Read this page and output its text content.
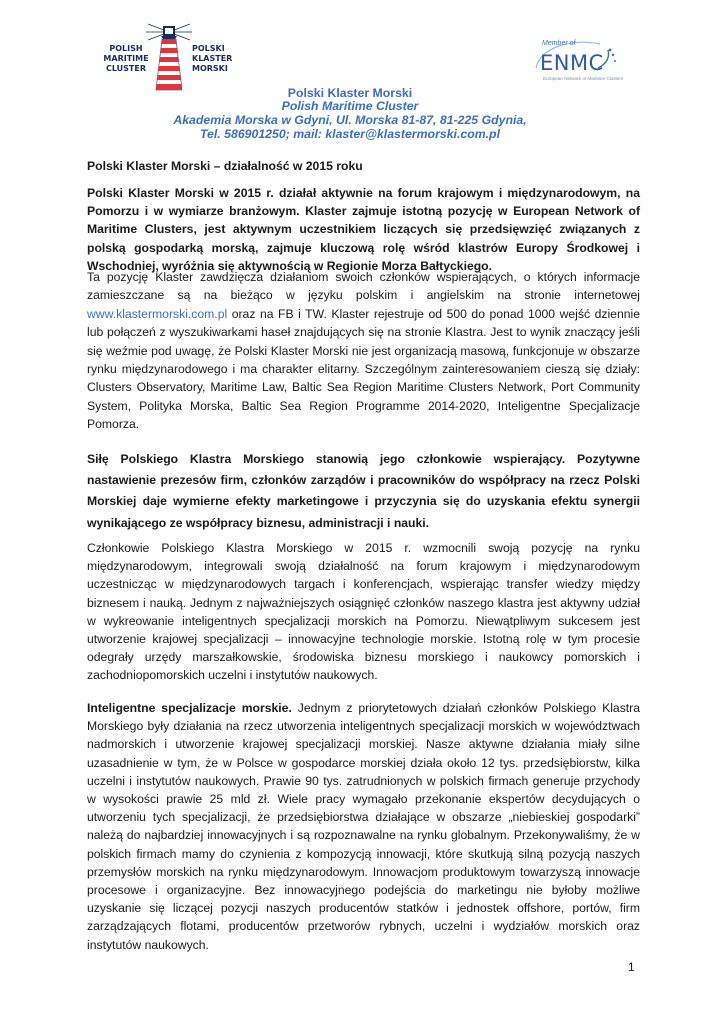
POLISH
MARITIME
CLUSTER
POLSKI
KLASTER
MORSKI
Member of
ENMC
European Network of Maritime Clusters
Polski Klaster Morski
Polish Maritime Cluster
Akademia Morska w Gdyni, Ul. Morska 81-87, 81-225 Gdynia,
Tel. 586901250; mail: klaster@klastermorski.com.pl
Polski Klaster Morski – działalność w 2015 roku

Polski Klaster Morski w 2015 r. działał aktywnie na forum krajowym i międzynarodowym, na Pomorzu i w wymiarze branżowym. Klaster zajmuje istotną pozycję w European Network of Maritime Clusters, jest aktywnym uczestnikiem liczących się przedsięwzięć związanych z polską gospodarką morską, zajmuje kluczową rolę wśród klastrów Europy Środkowej i Wschodniej, wyróżnia się aktywnością w Regionie Morza Bałtyckiego.

Ta pozycję Klaster zawdzięcza działaniom swoich członków wspierających, o których informacje zamieszczane są na bieżąco w języku polskim i angielskim na stronie internetowej www.klastermorski.com.pl oraz na FB i TW. Klaster rejestruje od 500 do ponad 1000 wejść dziennie lub połączeń z wyszukiwarkami haseł znajdujących się na stronie Klastra. Jest to wynik znaczący jeśli się weźmie pod uwagę, że Polski Klaster Morski nie jest organizacją masową, funkcjonuje w obszarze rynku międzynarodowego i ma charakter elitarny. Szczególnym zainteresowaniem cieszą się działy: Clusters Observatory, Maritime Law, Baltic Sea Region Maritime Clusters Network, Port Community System, Polityka Morska, Baltic Sea Region Programme 2014-2020, Inteligentne Specjalizacje Pomorza.

Siłę Polskiego Klastra Morskiego stanowią jego członkowie wspierający. Pozytywne nastawienie prezesów firm, członków zarządów i pracowników do współpracy na rzecz Polski Morskiej daje wymierne efekty marketingowe i przyczynia się do uzyskania efektu synergii wynikającego ze współpracy biznesu, administracji i nauki.

Członkowie Polskiego Klastra Morskiego w 2015 r. wzmocnili swoją pozycję na rynku międzynarodowym, integrowali swoją działalność na forum krajowym i międzynarodowym uczestnicząc w międzynarodowych targach i konferencjach, wspierając transfer wiedzy między biznesem i nauką. Jednym z najważniejszych osiągnięć członków naszego klastra jest aktywny udział w wykreowanie inteligentnych specjalizacji morskich na Pomorzu. Niewątpliwym sukcesem jest utworzenie krajowej specjalizacji – innowacyjne technologie morskie. Istotną rolę w tym procesie odegrały urzędy marszałkowskie, środowiska biznesu morskiego i naukowcy pomorskich i zachodniopomorskich uczelni i instytutów naukowych.

Inteligentne specjalizacje morskie. Jednym z priorytetowych działań członków Polskiego Klastra Morskiego były działania na rzecz utworzenia inteligentnych specjalizacji morskich w województwach nadmorskich i utworzenie krajowej specjalizacji morskiej. Nasze aktywne działania miały silne uzasadnienie w tym, że w Polsce w gospodarce morskiej działa około 12 tys. przedsiębiorstw, kilka uczelni i instytutów naukowych. Prawie 90 tys. zatrudnionych w polskich firmach generuje przychody w wysokości prawie 25 mld zł. Wiele pracy wymagało przekonanie ekspertów decydujących o utworzeniu tych specjalizacji, że przedsiębiorstwa działające w obszarze „niebieskiej gospodarki” należą do najbardziej innowacyjnych i są rozpoznawalne na rynku globalnym. Przekonywaliśmy, że w polskich firmach mamy do czynienia z kompozycją innowacji, które skutkują silną pozycją naszych przemysłów morskich na rynku międzynarodowym. Innowacjom produktowym towarzyszą innowacje procesowe i organizacyjne. Bez innowacyjnego podejścia do marketingu nie byłoby możliwe uzyskanie się liczącej pozycji naszych producentów statków i jednostek offshore, portów, firm zarządzających flotami, producentów przetworów rybnych, uczelni i wydziałów morskich oraz instytutów naukowych.

1
